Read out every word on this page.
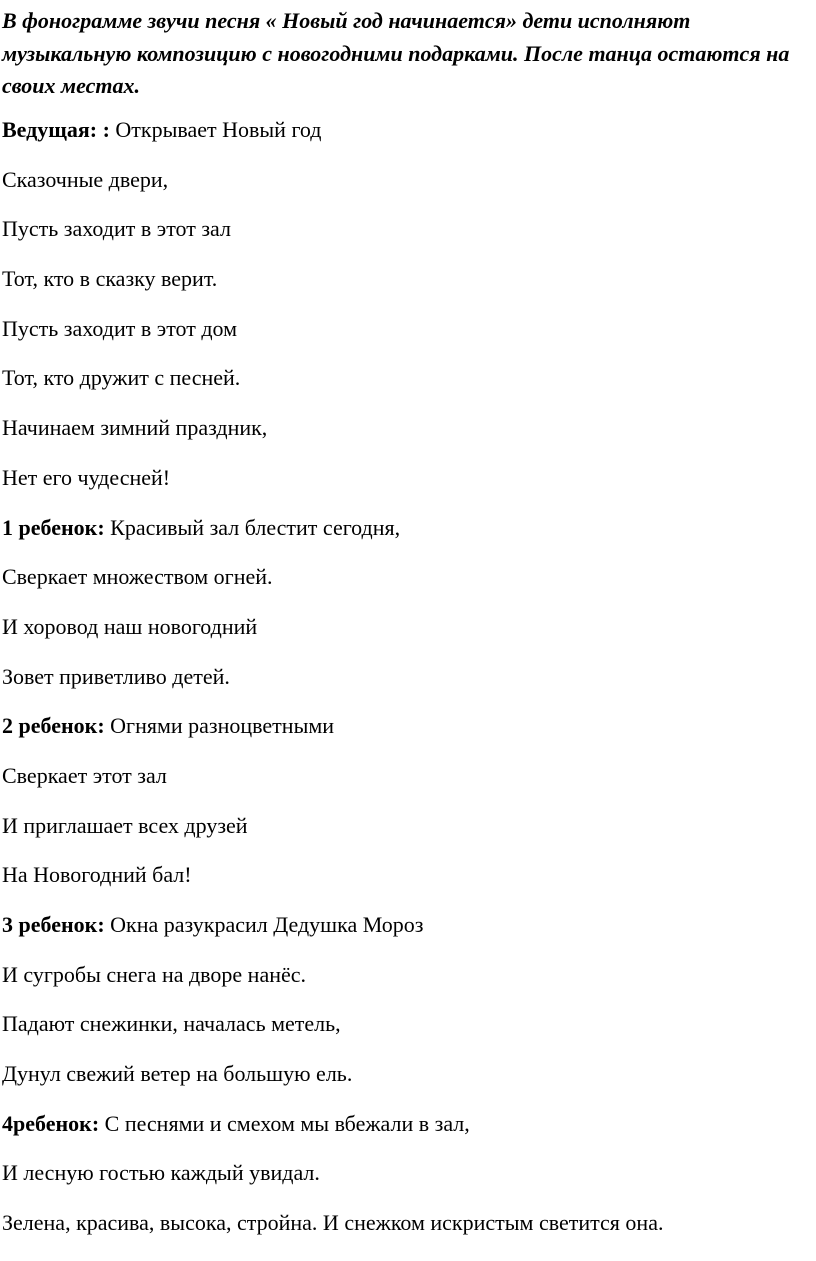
В фонограмме звучи песня « Новый год начинается» дети исполняют музыкальную композицию с новогодними подарками. После танца остаются на своих местах.

Ведущая: : Открывает Новый год

Сказочные двери,

Пусть заходит в этот зал

Тот, кто в сказку верит.

Пусть заходит в этот дом

Тот, кто дружит с песней.

Начинаем зимний праздник,

Нет его чудесней!

1 ребенок: Красивый зал блестит сегодня,

Сверкает множеством огней.

И хоровод наш новогодний

Зовет приветливо детей.

2 ребенок: Огнями разноцветными

Сверкает этот зал

И приглашает всех друзей

На Новогодний бал!

3 ребенок: Окна разукрасил Дедушка Мороз

И сугробы снега на дворе нанёс.

Падают снежинки, началась метель,

Дунул свежий ветер на большую ель.

4ребенок: С песнями и смехом мы вбежали в зал,

И лесную гостью каждый увидал.

Зелена, красива, высока, стройна. И снежком искристым светится она.
